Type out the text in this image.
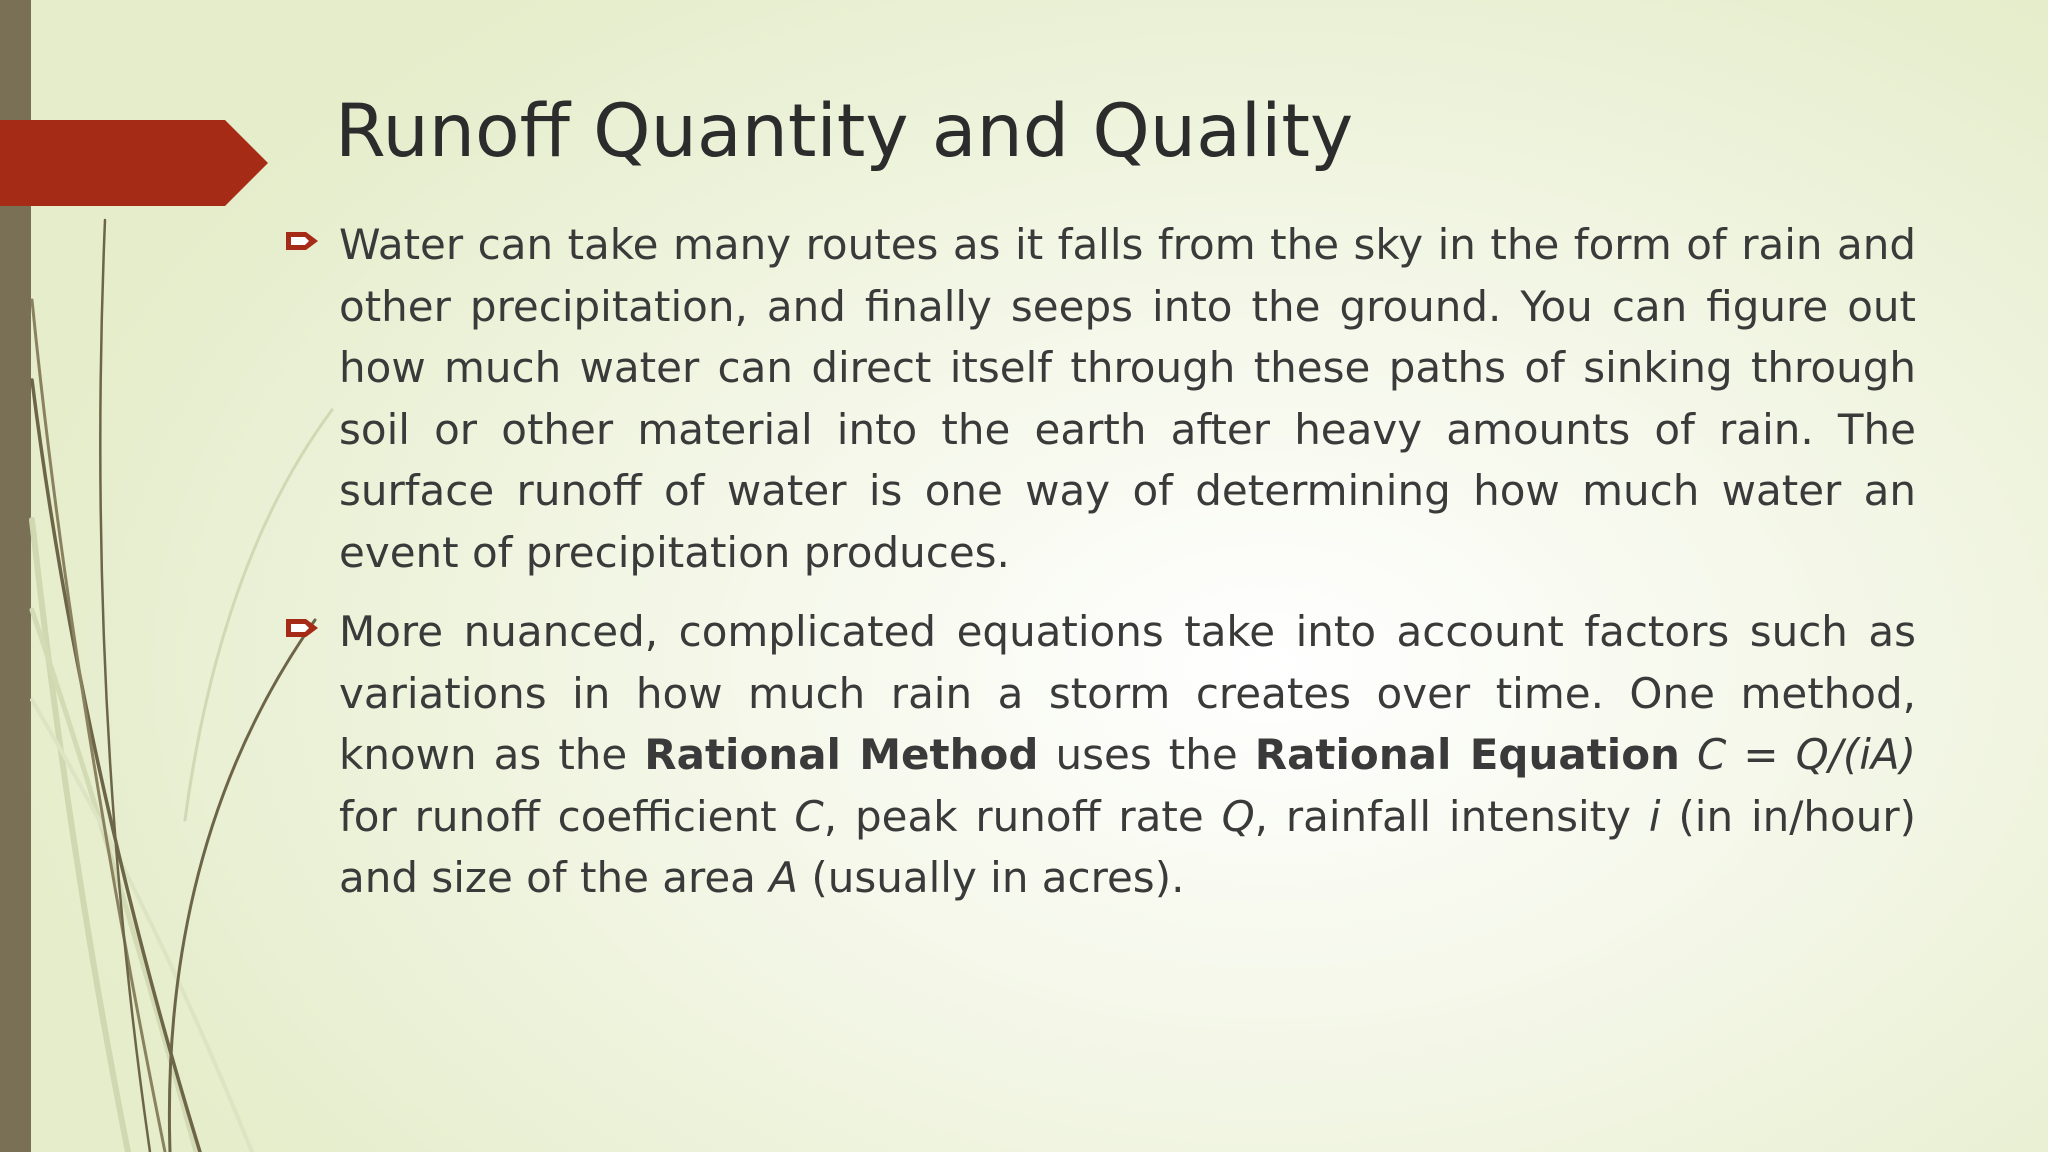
Runoff Quantity and Quality
Water can take many routes as it falls from the sky in the form of rain and other precipitation, and finally seeps into the ground. You can figure out how much water can direct itself through these paths of sinking through soil or other material into the earth after heavy amounts of rain. The surface runoff of water is one way of determining how much water an event of precipitation produces.
More nuanced, complicated equations take into account factors such as variations in how much rain a storm creates over time. One method, known as the Rational Method uses the Rational Equation C = Q/(iA) for runoff coefficient C, peak runoff rate Q, rainfall intensity i (in in/hour) and size of the area A (usually in acres).
